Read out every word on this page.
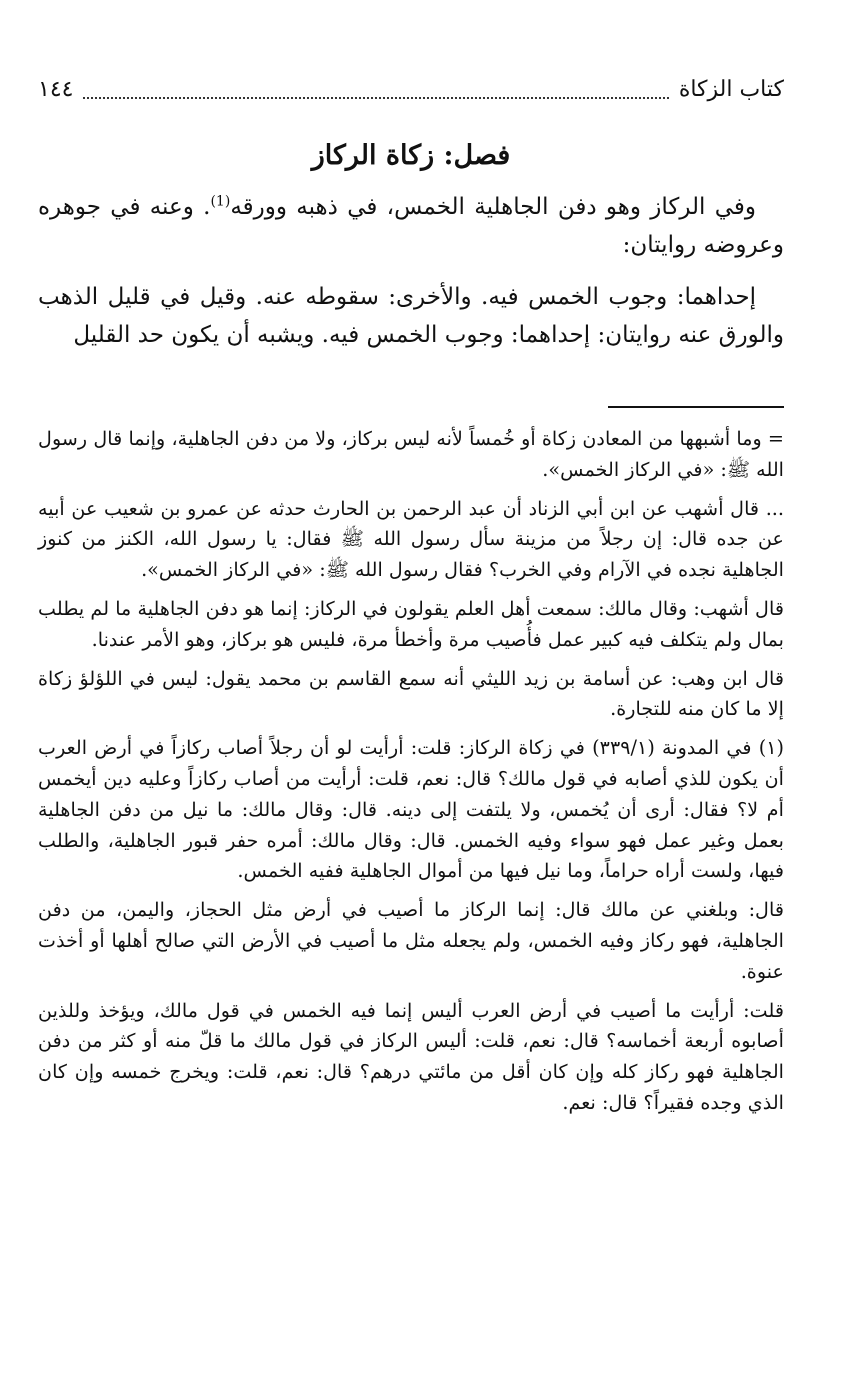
كتاب الزكاة
١٤٤
فصل: زكاة الركاز

وفي الركاز وهو دفن الجاهلية الخمس، في ذهبه وورقه$^{(1)}$. وعنه في جوهره وعروضه روايتان:

إحداهما: وجوب الخمس فيه. والأخرى: سقوطه عنه. وقيل في قليل الذهب والورق عنه روايتان: إحداهما: وجوب الخمس فيه. ويشبه أن يكون حد القليل

= وما أشبهها من المعادن زكاة أو خُمساً لأنه ليس بركاز، ولا من دفن الجاهلية، وإنما قال رسول الله ﷺ: «في الركاز الخمس».

... قال أشهب عن ابن أبي الزناد أن عبد الرحمن بن الحارث حدثه عن عمرو بن شعيب عن أبيه عن جده قال: إن رجلاً من مزينة سأل رسول الله ﷺ فقال: يا رسول الله، الكنز من كنوز الجاهلية نجده في الآرام وفي الخرب؟ فقال رسول الله ﷺ: «في الركاز الخمس».

قال أشهب: وقال مالك: سمعت أهل العلم يقولون في الركاز: إنما هو دفن الجاهلية ما لم يطلب بمال ولم يتكلف فيه كبير عمل فأُصيب مرة وأخطأ مرة، فليس هو بركاز، وهو الأمر عندنا.

قال ابن وهب: عن أسامة بن زيد الليثي أنه سمع القاسم بن محمد يقول: ليس في اللؤلؤ زكاة إلا ما كان منه للتجارة.

(١) في المدونة (٣٣٩/١) في زكاة الركاز: قلت: أرأيت لو أن رجلاً أصاب ركازاً في أرض العرب أن يكون للذي أصابه في قول مالك؟ قال: نعم، قلت: أرأيت من أصاب ركازاً وعليه دين أيخمس أم لا؟ فقال: أرى أن يُخمس، ولا يلتفت إلى دينه. قال: وقال مالك: ما نيل من دفن الجاهلية بعمل وغير عمل فهو سواء وفيه الخمس. قال: وقال مالك: أمره حفر قبور الجاهلية، والطلب فيها، ولست أراه حراماً، وما نيل فيها من أموال الجاهلية ففيه الخمس.

قال: وبلغني عن مالك قال: إنما الركاز ما أصيب في أرض مثل الحجاز، واليمن، من دفن الجاهلية، فهو ركاز وفيه الخمس، ولم يجعله مثل ما أصيب في الأرض التي صالح أهلها أو أخذت عنوة.

قلت: أرأيت ما أصيب في أرض العرب أليس إنما فيه الخمس في قول مالك، ويؤخذ وللذين أصابوه أربعة أخماسه؟ قال: نعم، قلت: أليس الركاز في قول مالك ما قلّ منه أو كثر من دفن الجاهلية فهو ركاز كله وإن كان أقل من مائتي درهم؟ قال: نعم، قلت: ويخرج خمسه وإن كان الذي وجده فقيراً؟ قال: نعم.
